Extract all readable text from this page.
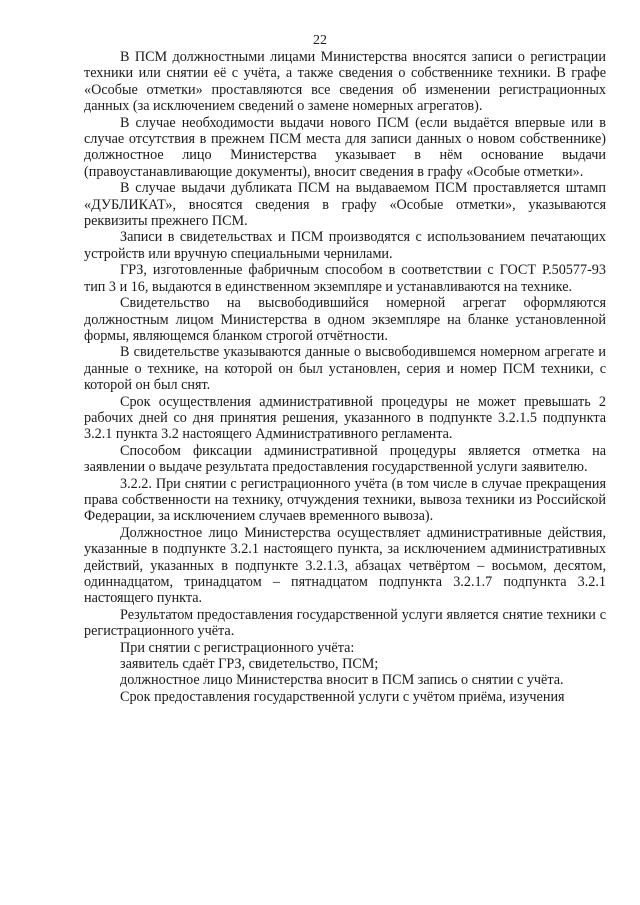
22

В ПСМ должностными лицами Министерства вносятся записи о регистрации техники или снятии её с учёта, а также сведения о собственнике техники. В графе «Особые отметки» проставляются все сведения об изменении регистрационных данных (за исключением сведений о замене номерных агрегатов).

В случае необходимости выдачи нового ПСМ (если выдаётся впервые или в случае отсутствия в прежнем ПСМ места для записи данных о новом собственнике) должностное лицо Министерства указывает в нём основание выдачи (правоустанавливающие документы), вносит сведения в графу «Особые отметки».

В случае выдачи дубликата ПСМ на выдаваемом ПСМ проставляется штамп «ДУБЛИКАТ», вносятся сведения в графу «Особые отметки», указываются реквизиты прежнего ПСМ.

Записи в свидетельствах и ПСМ производятся с использованием печатающих устройств или вручную специальными чернилами.

ГРЗ, изготовленные фабричным способом в соответствии с ГОСТ Р.50577-93 тип 3 и 16, выдаются в единственном экземпляре и устанавливаются на технике.

Свидетельство на высвободившийся номерной агрегат оформляются должностным лицом Министерства в одном экземпляре на бланке установленной формы, являющемся бланком строгой отчётности.

В свидетельстве указываются данные о высвободившемся номерном агрегате и данные о технике, на которой он был установлен, серия и номер ПСМ техники, с которой он был снят.

Срок осуществления административной процедуры не может превышать 2 рабочих дней со дня принятия решения, указанного в подпункте 3.2.1.5 подпункта 3.2.1 пункта 3.2 настоящего Административного регламента.

Способом фиксации административной процедуры является отметка на заявлении о выдаче результата предоставления государственной услуги заявителю.

3.2.2. При снятии с регистрационного учёта (в том числе в случае прекращения права собственности на технику, отчуждения техники, вывоза техники из Российской Федерации, за исключением случаев временного вывоза).

Должностное лицо Министерства осуществляет административные действия, указанные в подпункте 3.2.1 настоящего пункта, за исключением административных действий, указанных в подпункте 3.2.1.3, абзацах четвёртом – восьмом, десятом, одиннадцатом, тринадцатом – пятнадцатом подпункта 3.2.1.7 подпункта 3.2.1 настоящего пункта.

Результатом предоставления государственной услуги является снятие техники с регистрационного учёта.

При снятии с регистрационного учёта:

заявитель сдаёт ГРЗ, свидетельство, ПСМ;

должностное лицо Министерства вносит в ПСМ запись о снятии с учёта.

Срок предоставления государственной услуги с учётом приёма, изучения
